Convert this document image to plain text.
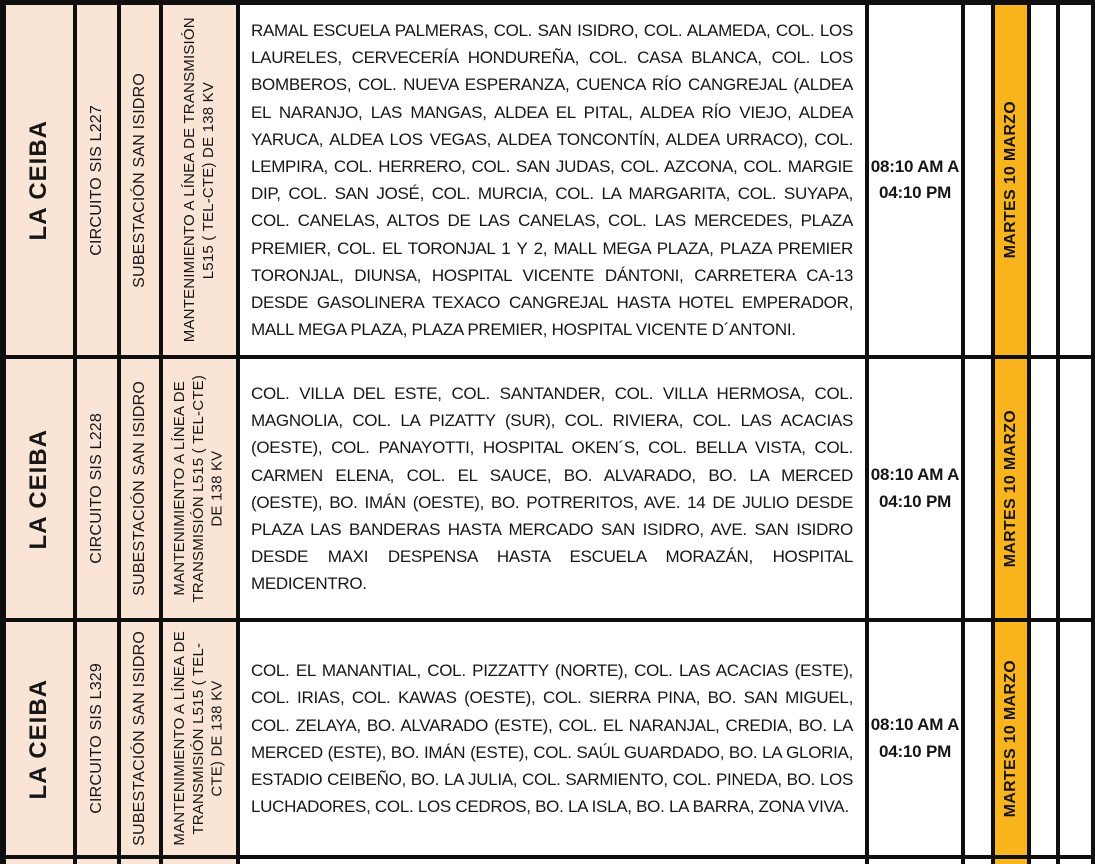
LA CEIBA	CIRCUITO SIS L227	SUBESTACIÓN SAN ISIDRO	MANTENIMIENTO A LÍNEA DE TRANSMISIÓN L515 ( TEL-CTE) DE 138 KV	RAMAL ESCUELA PALMERAS, COL. SAN ISIDRO, COL. ALAMEDA, COL. LOS LAURELES, CERVECERÍA HONDUREÑA, COL. CASA BLANCA, COL. LOS BOMBEROS, COL. NUEVA ESPERANZA, CUENCA RÍO CANGREJAL (ALDEA EL NARANJO, LAS MANGAS, ALDEA EL PITAL, ALDEA RÍO VIEJO, ALDEA YARUCA, ALDEA LOS VEGAS, ALDEA TONCONTÍN, ALDEA URRACO), COL. LEMPIRA, COL. HERRERO, COL. SAN JUDAS, COL. AZCONA, COL. MARGIE DIP, COL. SAN JOSÉ, COL. MURCIA, COL. LA MARGARITA, COL. SUYAPA, COL. CANELAS, ALTOS DE LAS CANELAS, COL. LAS MERCEDES, PLAZA PREMIER, COL. EL TORONJAL 1 Y 2, MALL MEGA PLAZA, PLAZA PREMIER TORONJAL, DIUNSA, HOSPITAL VICENTE DÁNTONI, CARRETERA CA-13 DESDE GASOLINERA TEXACO CANGREJAL HASTA HOTEL EMPERADOR, MALL MEGA PLAZA, PLAZA PREMIER, HOSPITAL VICENTE D´ANTONI.	08:10 AM A
04:10 PM		MARTES 10 MARZO		

LA CEIBA	CIRCUITO SIS L228	SUBESTACIÓN SAN ISIDRO	MANTENIMIENTO A LÍNEA DE TRANSMISIÓN L515 ( TEL-CTE) DE 138 KV	COL. VILLA DEL ESTE, COL. SANTANDER, COL. VILLA HERMOSA, COL. MAGNOLIA, COL. LA PIZATTY (SUR), COL. RIVIERA, COL. LAS ACACIAS (OESTE), COL. PANAYOTTI, HOSPITAL OKEN´S, COL. BELLA VISTA, COL. CARMEN ELENA, COL. EL SAUCE, BO. ALVARADO, BO. LA MERCED (OESTE), BO. IMÁN (OESTE), BO. POTRERITOS, AVE. 14 DE JULIO DESDE PLAZA LAS BANDERAS HASTA MERCADO SAN ISIDRO, AVE. SAN ISIDRO DESDE MAXI DESPENSA HASTA ESCUELA MORAZÁN, HOSPITAL MEDICENTRO.	08:10 AM A
04:10 PM		MARTES 10 MARZO		

LA CEIBA	CIRCUITO SIS L329	SUBESTACIÓN SAN ISIDRO	MANTENIMIENTO A LÍNEA DE TRANSMISIÓN L515 ( TEL-CTE) DE 138 KV	COL. EL MANANTIAL, COL. PIZZATTY (NORTE), COL. LAS ACACIAS (ESTE), COL. IRIAS, COL. KAWAS (OESTE), COL. SIERRA PINA, BO. SAN MIGUEL, COL. ZELAYA, BO. ALVARADO (ESTE), COL. EL NARANJAL, CREDIA, BO. LA MERCED (ESTE), BO. IMÁN (ESTE), COL. SAÚL GUARDADO, BO. LA GLORIA, ESTADIO CEIBEÑO, BO. LA JULIA, COL. SARMIENTO, COL. PINEDA, BO. LOS LUCHADORES, COL. LOS CEDROS, BO. LA ISLA, BO. LA BARRA, ZONA VIVA.	08:10 AM A
04:10 PM		MARTES 10 MARZO		
